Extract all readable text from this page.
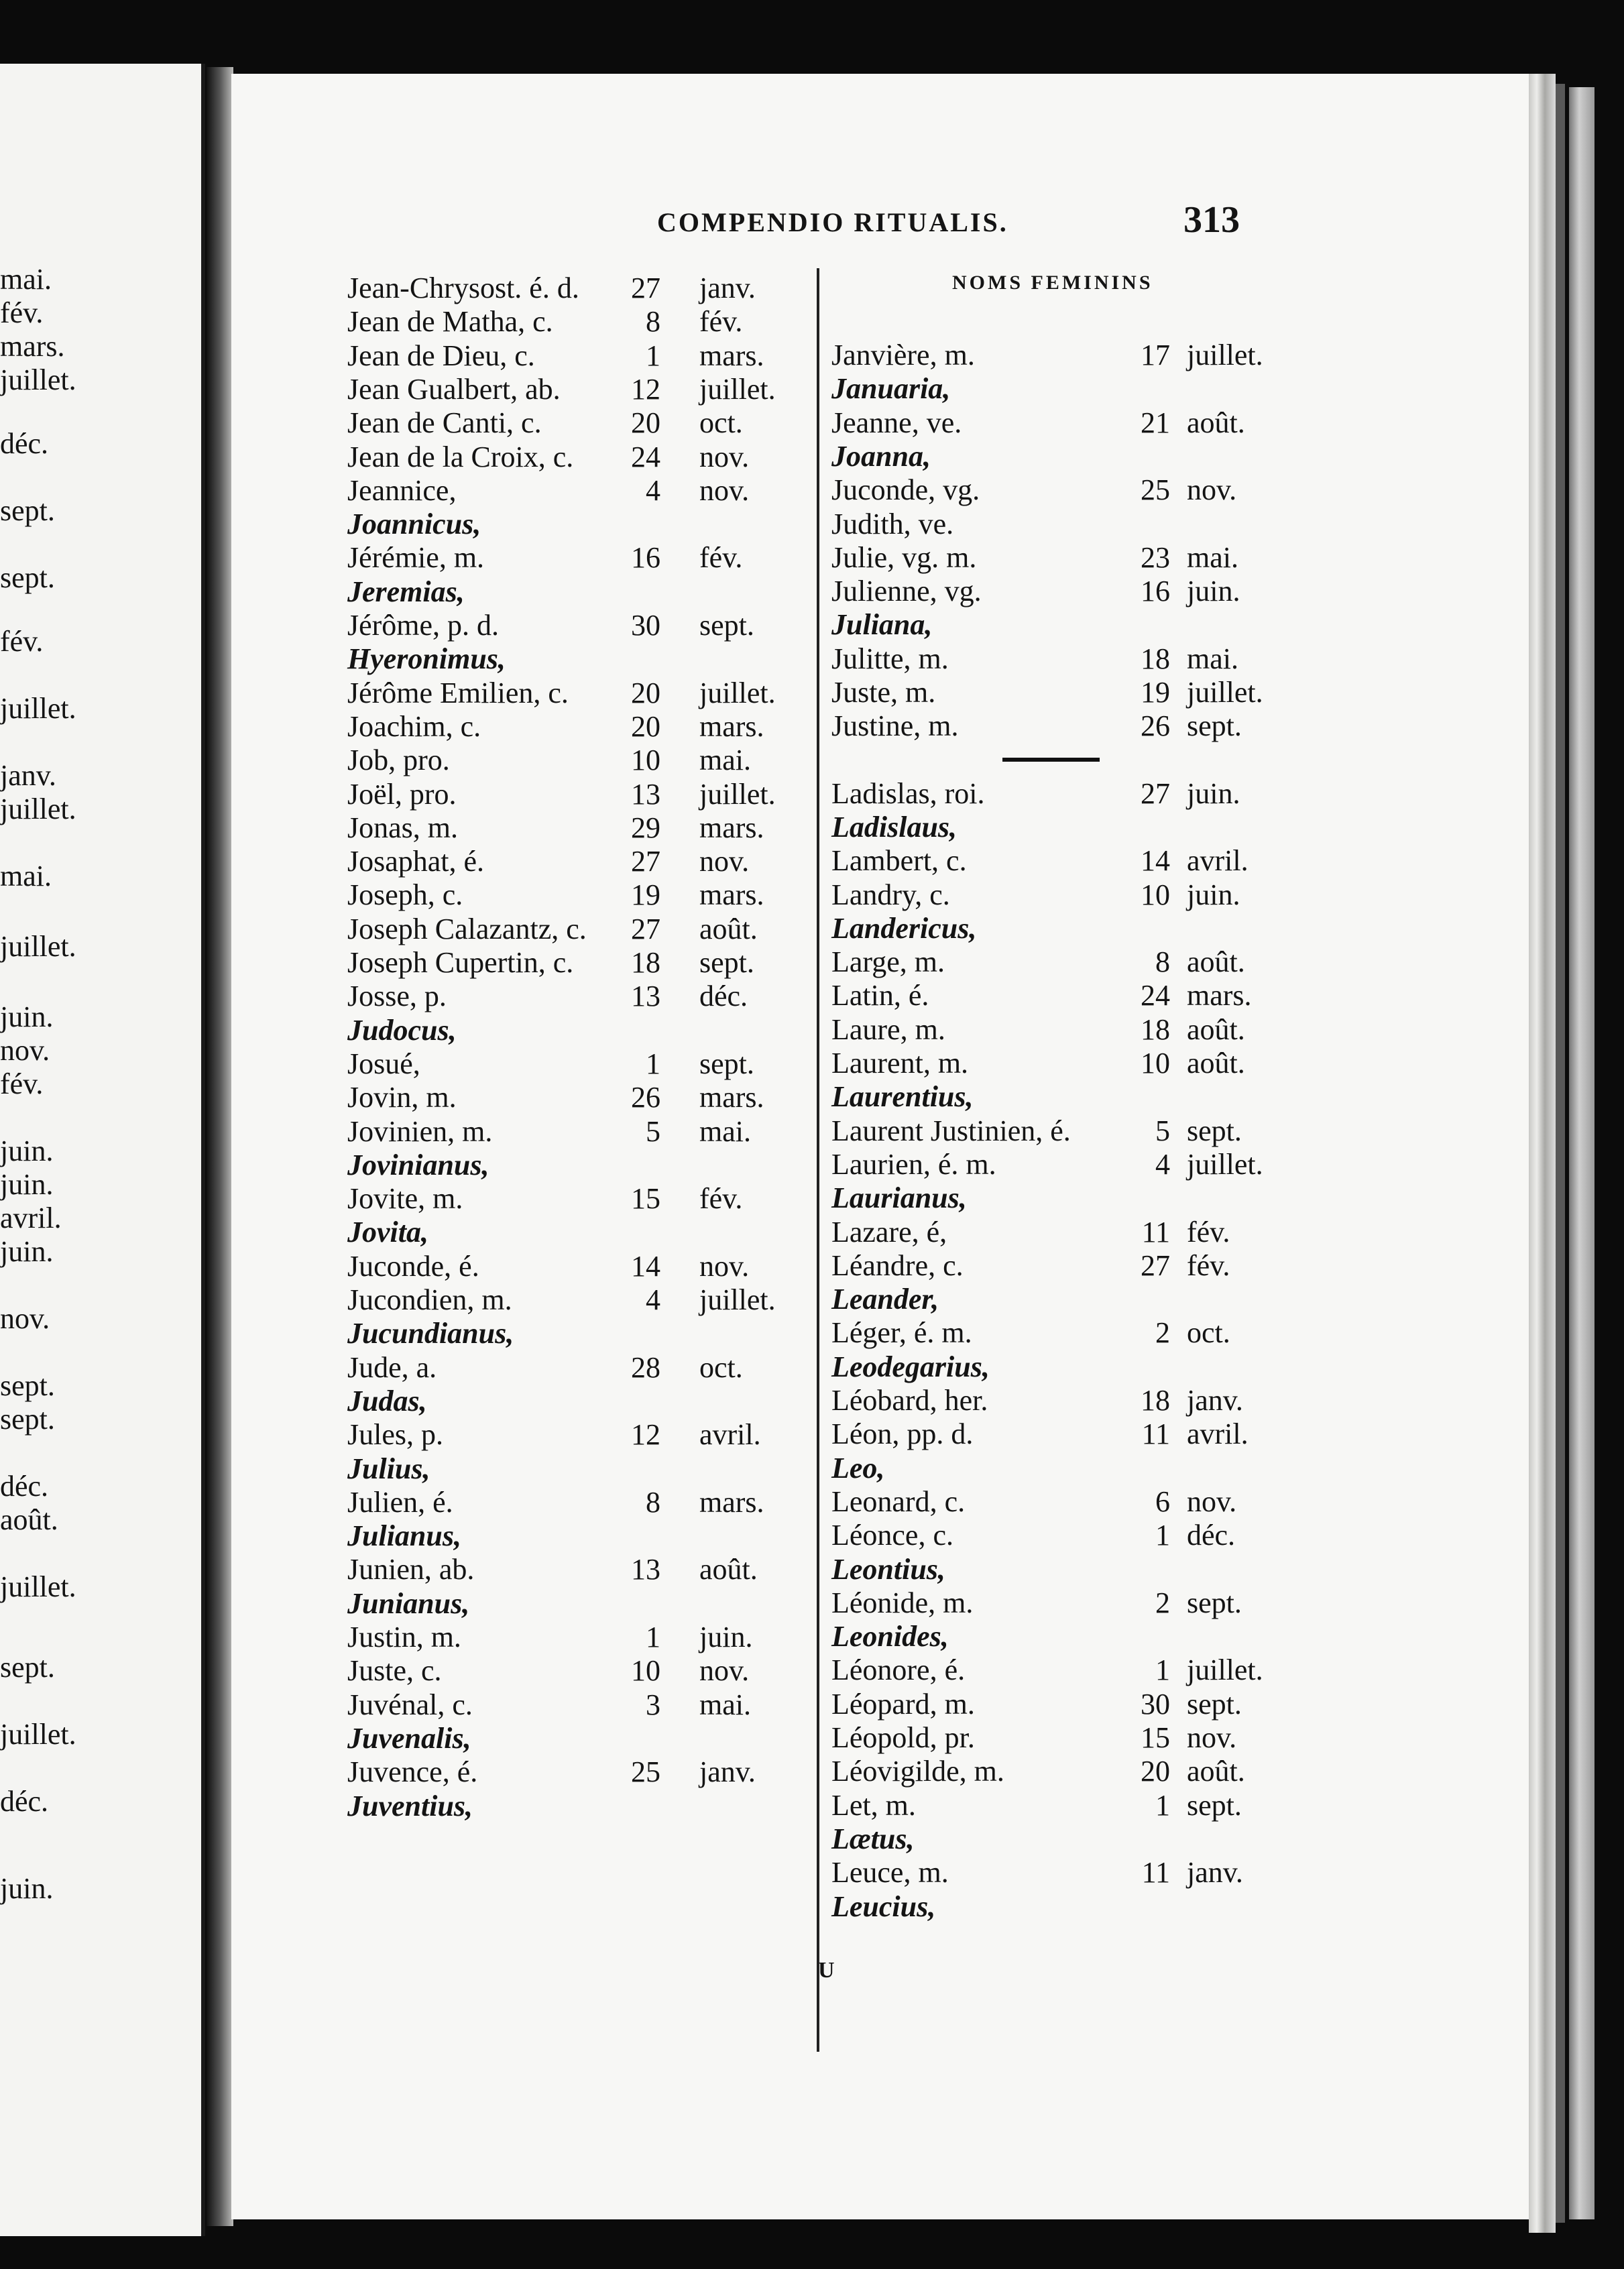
mai.
fév.
mars.
juillet.
déc.
sept.
sept.
fév.
juillet.
janv.
juillet.
mai.
juillet.
juin.
nov.
fév.
juin.
juin.
avril.
juin.
nov.
sept.
sept.
déc.
août.
juillet.
sept.
juillet.
déc.
juin.
COMPENDIO RITUALIS.	313
Jean-Chrysost. é. d.	27 janv.
Jean de Matha, c.	8 fév.
Jean de Dieu, c.	1 mars.
Jean Gualbert, ab.	12 juillet.
Jean de Canti, c.	20 oct.
Jean de la Croix, c.	24 nov.
Jeannice,	4 nov.
Joannicus,
Jérémie, m.	16 fév.
Jeremias,
Jérôme, p. d.	30 sept.
Hyeronimus,
Jérôme Emilien, c.	20 juillet.
Joachim, c.	20 mars.
Job, pro.	10 mai.
Joël, pro.	13 juillet.
Jonas, m.	29 mars.
Josaphat, é.	27 nov.
Joseph, c.	19 mars.
Joseph Calazantz, c.	27 août.
Joseph Cupertin, c.	18 sept.
Josse, p.	13 déc.
Judocus,
Josué,	1 sept.
Jovin, m.	26 mars.
Jovinien, m.	5 mai.
Jovinianus,
Jovite, m.	15 fév.
Jovita,
Juconde, é.	14 nov.
Jucondien, m.	4 juillet.
Jucundianus,
Jude, a.	28 oct.
Judas,
Jules, p.	12 avril.
Julius,
Julien, é.	8 mars.
Julianus,
Junien, ab.	13 août.
Junianus,
Justin, m.	1 juin.
Juste, c.	10 nov.
Juvénal, c.	3 mai.
Juvenalis,
Juvence, é.	25 janv.
Juventius,
NOMS FEMININS
Janvière, m.	17 juillet.
Januaria,
Jeanne, ve.	21 août.
Joanna,
Juconde, vg.	25 nov.
Judith, ve.
Julie, vg. m.	23 mai.
Julienne, vg.	16 juin.
Juliana,
Julitte, m.	18 mai.
Juste, m.	19 juillet.
Justine, m.	26 sept.
Ladislas, roi.	27 juin.
Ladislaus,
Lambert, c.	14 avril.
Landry, c.	10 juin.
Landericus,
Large, m.	8 août.
Latin, é.	24 mars.
Laure, m.	18 août.
Laurent, m.	10 août.
Laurentius,
Laurent Justinien, é.	5 sept.
Laurien, é. m.	4 juillet.
Laurianus,
Lazare, é,	11 fév.
Léandre, c.	27 fév.
Leander,
Léger, é. m.	2 oct.
Leodegarius,
Léobard, her.	18 janv.
Léon, pp. d.	11 avril.
Leo,
Leonard, c.	6 nov.
Léonce, c.	1 déc.
Leontius,
Léonide, m.	2 sept.
Leonides,
Léonore, é.	1 juillet.
Léopard, m.	30 sept.
Léopold, pr.	15 nov.
Léovigilde, m.	20 août.
Let, m.	1 sept.
Lætus,
Leuce, m.	11 janv.
Leucius,
U
